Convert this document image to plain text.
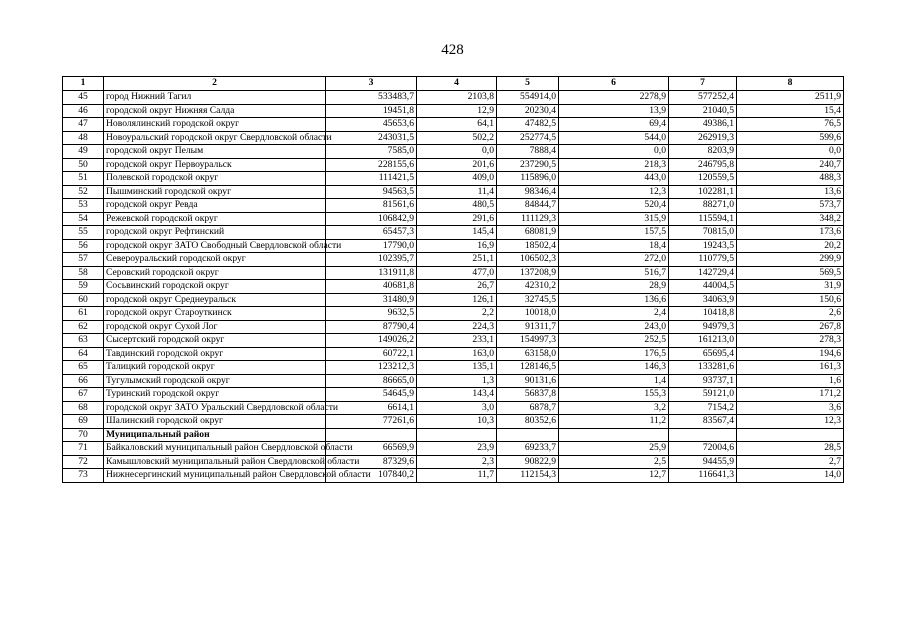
428
1	2	3	4	5	6	7	8
45	город Нижний Тагил	533483,7	2103,8	554914,0	2278,9	577252,4	2511,9
46	городской округ Нижняя Салда	19451,8	12,9	20230,4	13,9	21040,5	15,4
47	Новолялинский городской округ	45653,6	64,1	47482,5	69,4	49386,1	76,5
48	Новоуральский городской округ Свердловской области	243031,5	502,2	252774,5	544,0	262919,3	599,6
49	городской округ Пелым	7585,0	0,0	7888,4	0,0	8203,9	0,0
50	городской округ Первоуральск	228155,6	201,6	237290,5	218,3	246795,8	240,7
51	Полевской городской округ	111421,5	409,0	115896,0	443,0	120559,5	488,3
52	Пышминский городской округ	94563,5	11,4	98346,4	12,3	102281,1	13,6
53	городской округ Ревда	81561,6	480,5	84844,7	520,4	88271,0	573,7
54	Режевской городской округ	106842,9	291,6	111129,3	315,9	115594,1	348,2
55	городской округ Рефтинский	65457,3	145,4	68081,9	157,5	70815,0	173,6
56	городской округ ЗАТО Свободный Свердловской области	17790,0	16,9	18502,4	18,4	19243,5	20,2
57	Североуральский городской округ	102395,7	251,1	106502,3	272,0	110779,5	299,9
58	Серовский городской округ	131911,8	477,0	137208,9	516,7	142729,4	569,5
59	Сосьвинский городской округ	40681,8	26,7	42310,2	28,9	44004,5	31,9
60	городской округ Среднеуральск	31480,9	126,1	32745,5	136,6	34063,9	150,6
61	городской округ Староуткинск	9632,5	2,2	10018,0	2,4	10418,8	2,6
62	городской округ Сухой Лог	87790,4	224,3	91311,7	243,0	94979,3	267,8
63	Сысертский городской округ	149026,2	233,1	154997,3	252,5	161213,0	278,3
64	Тавдинский городской округ	60722,1	163,0	63158,0	176,5	65695,4	194,6
65	Талицкий городской округ	123212,3	135,1	128146,5	146,3	133281,6	161,3
66	Тугулымский городской округ	86665,0	1,3	90131,6	1,4	93737,1	1,6
67	Туринский городской округ	54645,9	143,4	56837,8	155,3	59121,0	171,2
68	городской округ ЗАТО Уральский Свердловской области	6614,1	3,0	6878,7	3,2	7154,2	3,6
69	Шалинский городской округ	77261,6	10,3	80352,6	11,2	83567,4	12,3
70	Муниципальный район						
71	Байкаловский муниципальный район Свердловской области	66569,9	23,9	69233,7	25,9	72004,6	28,5
72	Камышловский муниципальный район Свердловской области	87329,6	2,3	90822,9	2,5	94455,9	2,7
73	Нижнесергинский муниципальный район Свердловской области	107840,2	11,7	112154,3	12,7	116641,3	14,0
